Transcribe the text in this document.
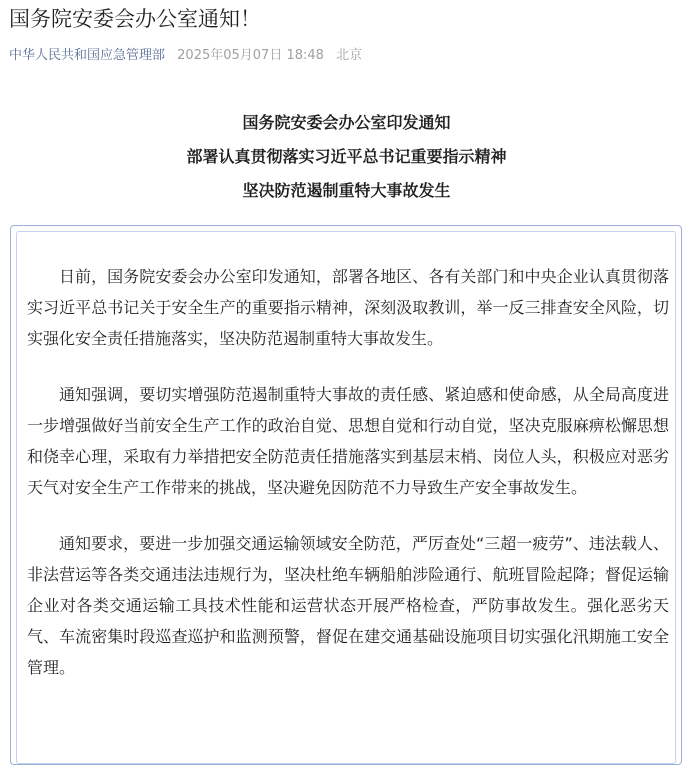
国务院安委会办公室通知！
中华人民共和国应急管理部 2025年05月07日 18:48 北京
国务院安委会办公室印发通知
部署认真贯彻落实习近平总书记重要指示精神
坚决防范遏制重特大事故发生

日前，国务院安委会办公室印发通知，部署各地区、各有关部门和中央企业认真贯彻落实习近平总书记关于安全生产的重要指示精神，深刻汲取教训，举一反三排查安全风险，切实强化安全责任措施落实，坚决防范遏制重特大事故发生。

通知强调，要切实增强防范遏制重特大事故的责任感、紧迫感和使命感，从全局高度进一步增强做好当前安全生产工作的政治自觉、思想自觉和行动自觉，坚决克服麻痹松懈思想和侥幸心理，采取有力举措把安全防范责任措施落实到基层末梢、岗位人头，积极应对恶劣天气对安全生产工作带来的挑战，坚决避免因防范不力导致生产安全事故发生。

通知要求，要进一步加强交通运输领域安全防范，严厉查处“三超一疲劳”、违法载人、非法营运等各类交通违法违规行为，坚决杜绝车辆船舶涉险通行、航班冒险起降；督促运输企业对各类交通运输工具技术性能和运营状态开展严格检查，严防事故发生。强化恶劣天气、车流密集时段巡查巡护和监测预警，督促在建交通基础设施项目切实强化汛期施工安全管理。
